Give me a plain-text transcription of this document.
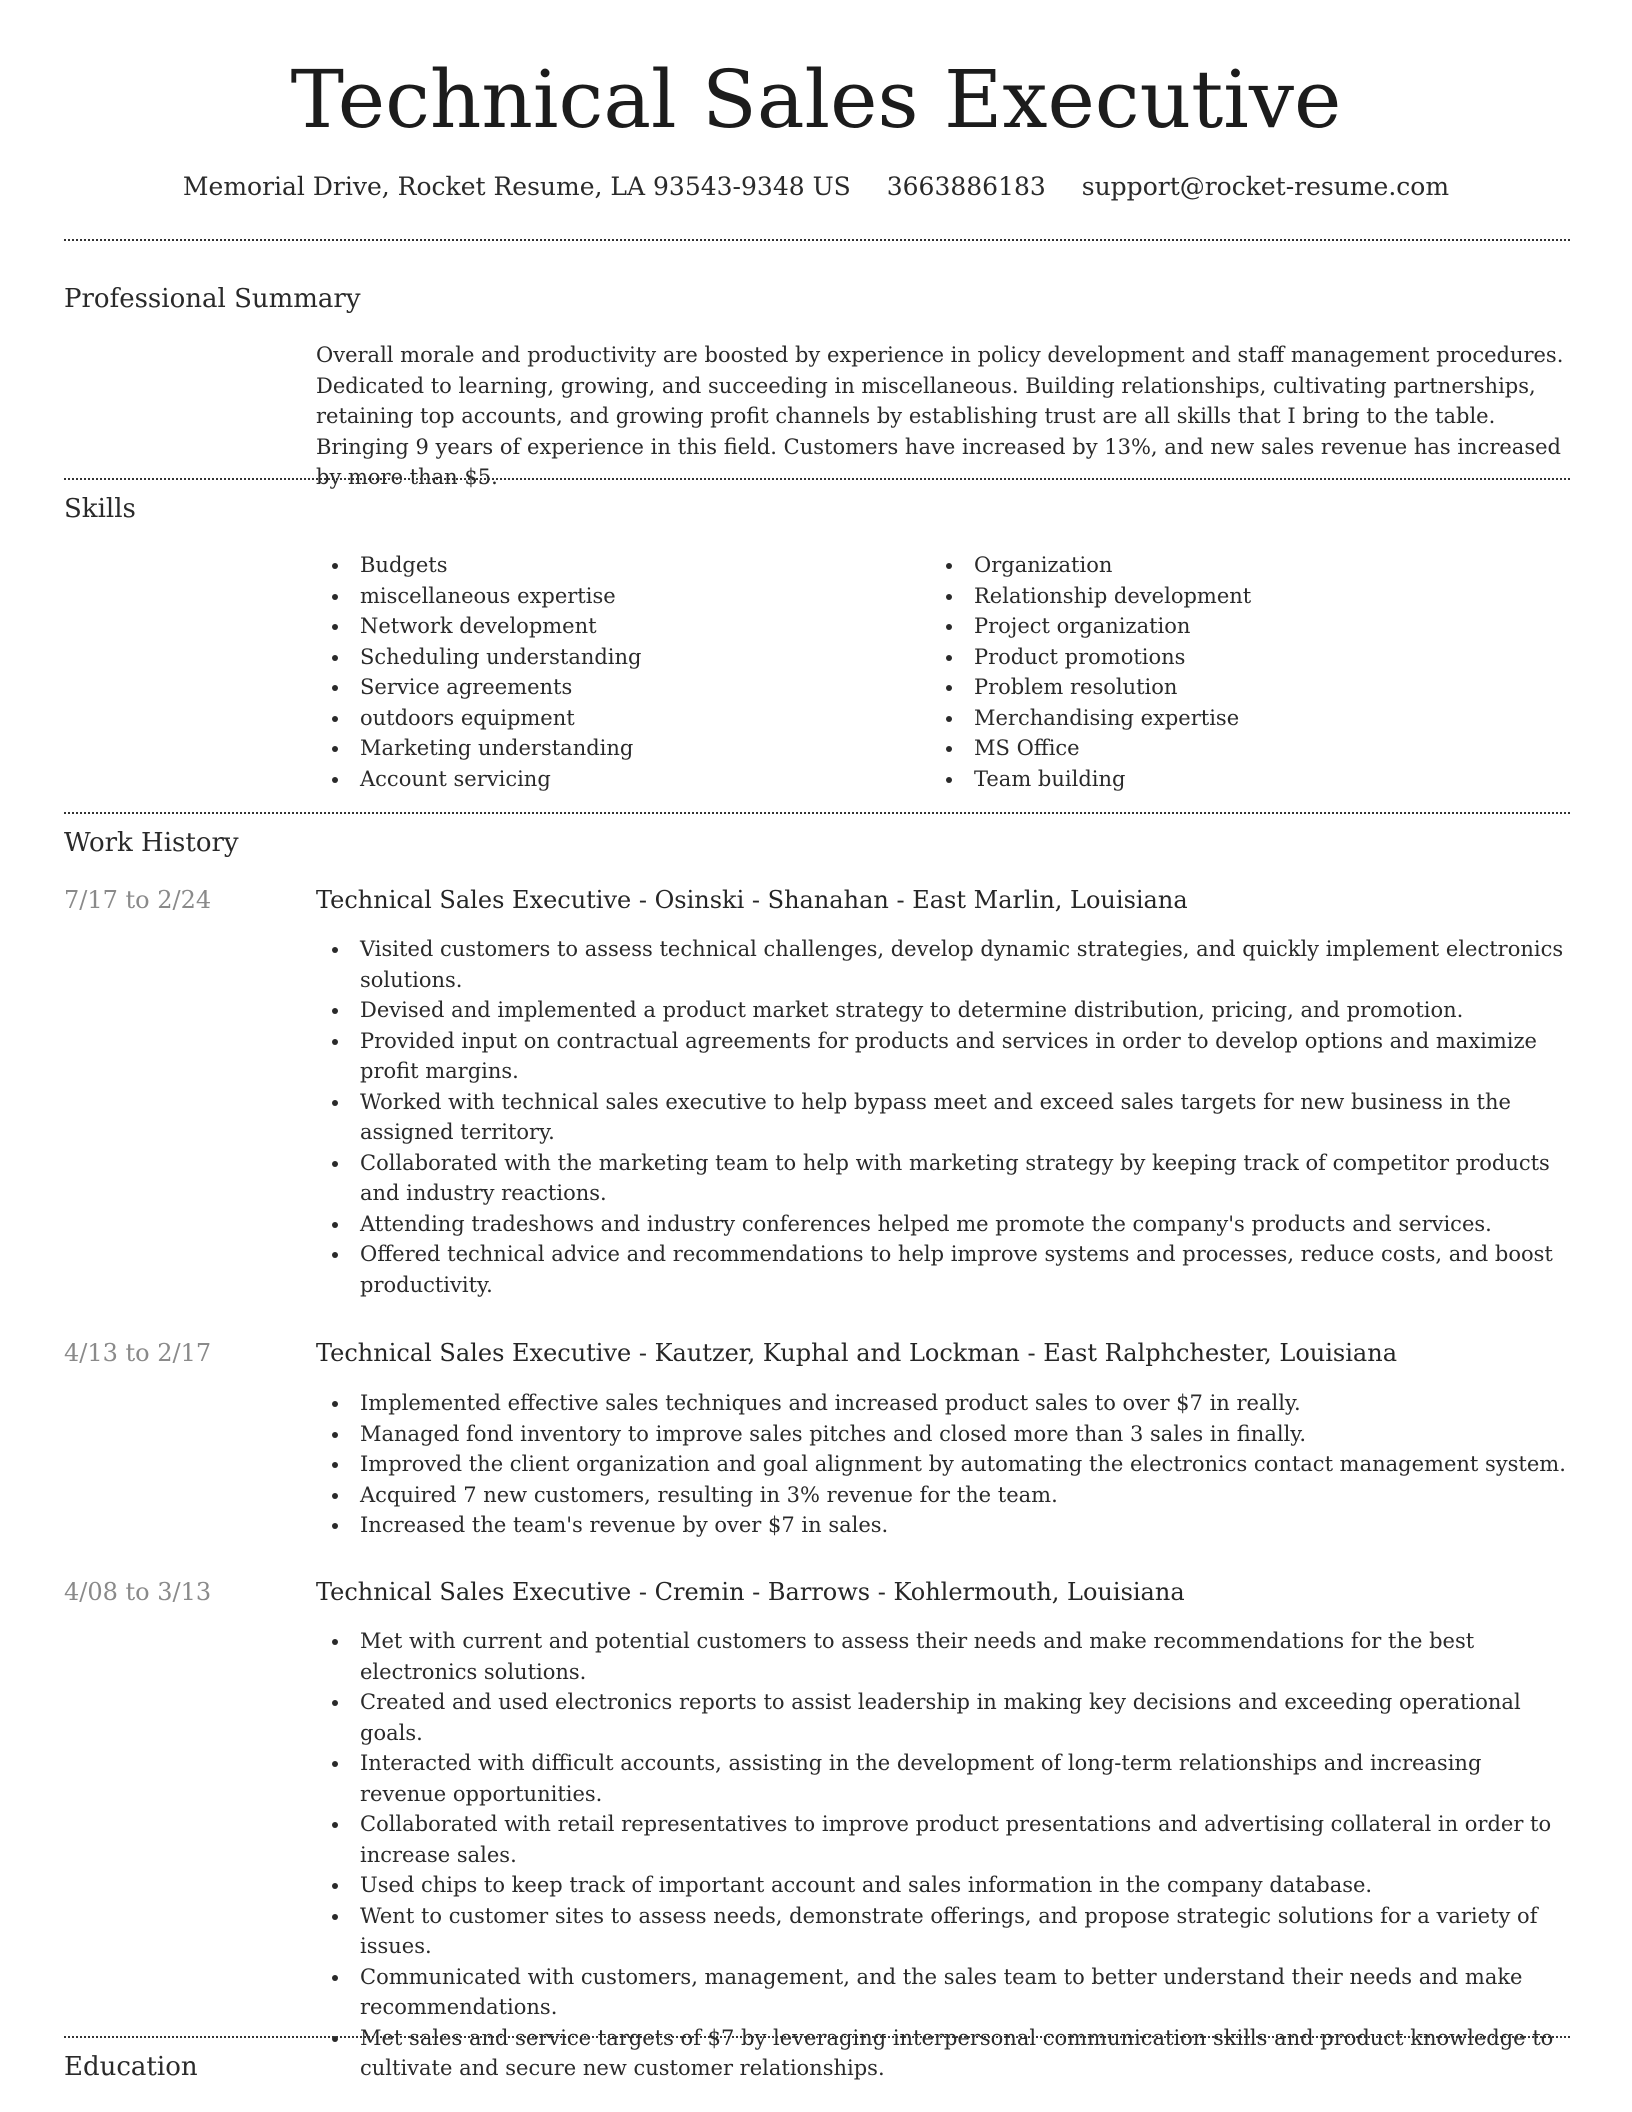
Technical Sales Executive
Memorial Drive, Rocket Resume, LA 93543-9348 US 3663886183 support@rocket-resume.com
Professional Summary
Overall morale and productivity are boosted by experience in policy development and staff management procedures. Dedicated to learning, growing, and succeeding in miscellaneous. Building relationships, cultivating partnerships, retaining top accounts, and growing profit channels by establishing trust are all skills that I bring to the table. Bringing 9 years of experience in this field. Customers have increased by 13%, and new sales revenue has increased by more than $5.
Skills
Budgets
miscellaneous expertise
Network development
Scheduling understanding
Service agreements
outdoors equipment
Marketing understanding
Account servicing
Organization
Relationship development
Project organization
Product promotions
Problem resolution
Merchandising expertise
MS Office
Team building
Work History
7/17 to 2/24	Technical Sales Executive - Osinski - Shanahan - East Marlin, Louisiana
Visited customers to assess technical challenges, develop dynamic strategies, and quickly implement electronics solutions.
Devised and implemented a product market strategy to determine distribution, pricing, and promotion.
Provided input on contractual agreements for products and services in order to develop options and maximize profit margins.
Worked with technical sales executive to help bypass meet and exceed sales targets for new business in the assigned territory.
Collaborated with the marketing team to help with marketing strategy by keeping track of competitor products and industry reactions.
Attending tradeshows and industry conferences helped me promote the company's products and services.
Offered technical advice and recommendations to help improve systems and processes, reduce costs, and boost productivity.
4/13 to 2/17	Technical Sales Executive - Kautzer, Kuphal and Lockman - East Ralphchester, Louisiana
Implemented effective sales techniques and increased product sales to over $7 in really.
Managed fond inventory to improve sales pitches and closed more than 3 sales in finally.
Improved the client organization and goal alignment by automating the electronics contact management system.
Acquired 7 new customers, resulting in 3% revenue for the team.
Increased the team's revenue by over $7 in sales.
4/08 to 3/13	Technical Sales Executive - Cremin - Barrows - Kohlermouth, Louisiana
Met with current and potential customers to assess their needs and make recommendations for the best electronics solutions.
Created and used electronics reports to assist leadership in making key decisions and exceeding operational goals.
Interacted with difficult accounts, assisting in the development of long-term relationships and increasing revenue opportunities.
Collaborated with retail representatives to improve product presentations and advertising collateral in order to increase sales.
Used chips to keep track of important account and sales information in the company database.
Went to customer sites to assess needs, demonstrate offerings, and propose strategic solutions for a variety of issues.
Communicated with customers, management, and the sales team to better understand their needs and make recommendations.
Met sales and service targets of $7 by leveraging interpersonal communication skills and product knowledge to cultivate and secure new customer relationships.
Education
